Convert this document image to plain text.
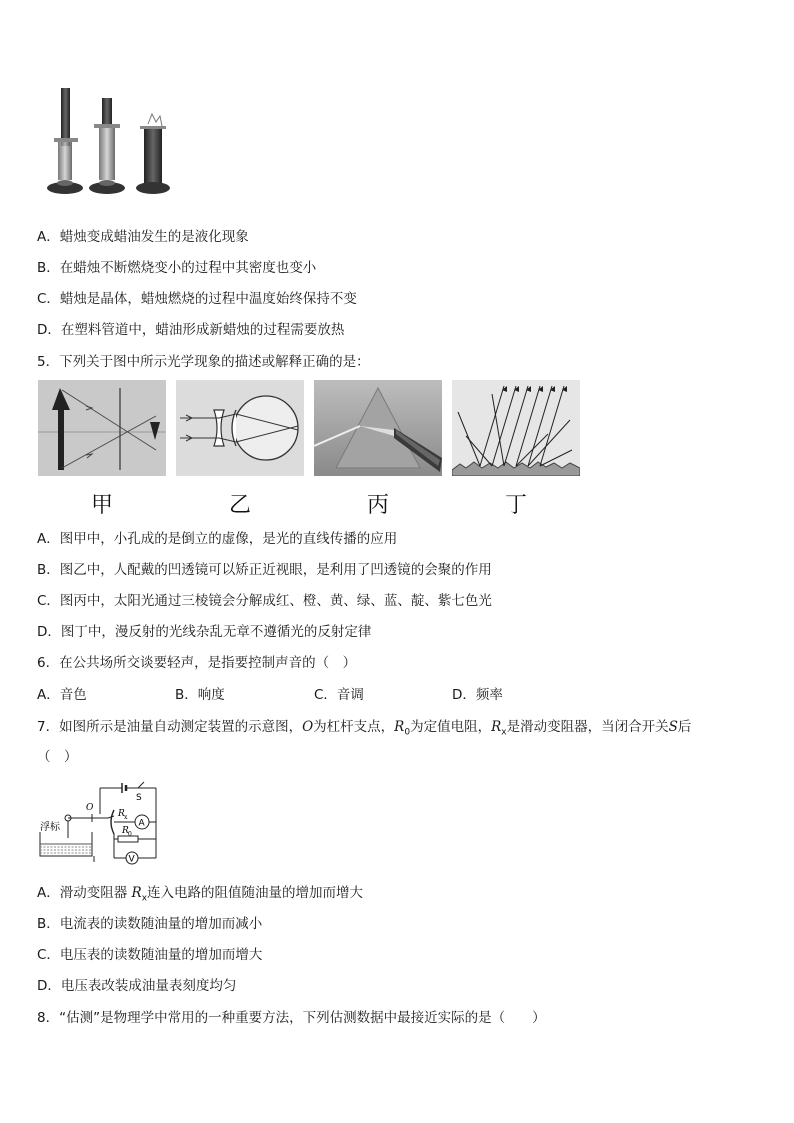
A．蜡烛变成蜡油发生的是液化现象
B．在蜡烛不断燃烧变小的过程中其密度也变小
C．蜡烛是晶体，蜡烛燃烧的过程中温度始终保持不变
D．在塑料管道中，蜡油形成新蜡烛的过程需要放热
5．下列关于图中所示光学现象的描述或解释正确的是：
甲	乙	丙	丁
A．图甲中，小孔成的是倒立的虚像，是光的直线传播的应用
B．图乙中，人配戴的凹透镜可以矫正近视眼，是利用了凹透镜的会聚的作用
C．图丙中，太阳光通过三棱镜会分解成红、橙、黄、绿、蓝、靛、紫七色光
D．图丁中，漫反射的光线杂乱无章不遵循光的反射定律
6．在公共场所交谈要轻声，是指要控制声音的（　）
A．音色	B．响度	C．音调	D．频率
7．如图所示是油量自动测定装置的示意图，O为杠杆支点，$R_0$为定值电阻，$R_x$是滑动变阻器，当闭合开关S后
（　）
浮标
O
S
R x
R 0
A
V
A．滑动变阻器 $R_x$连入电路的阻值随油量的增加而增大
B．电流表的读数随油量的增加而减小
C．电压表的读数随油量的增加而增大
D．电压表改装成油量表刻度均匀
8．“估测”是物理学中常用的一种重要方法，下列估测数据中最接近实际的是（　　）
